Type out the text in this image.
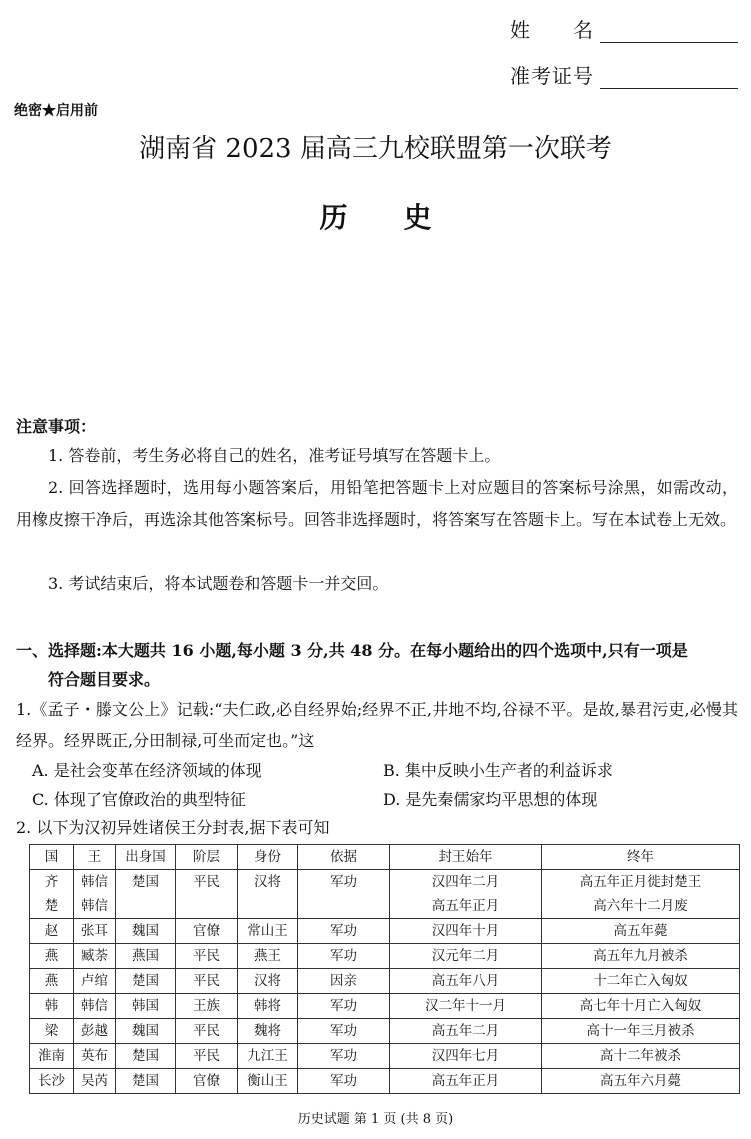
姓　　名
准考证号
绝密★启用前
湖南省 2023 届高三九校联盟第一次联考
历史
注意事项：
1. 答卷前，考生务必将自己的姓名，准考证号填写在答题卡上。
2. 回答选择题时，选用每小题答案后，用铅笔把答题卡上对应题目的答案标号涂黑，如需改动，用橡皮擦干净后，再选涂其他答案标号。回答非选择题时，将答案写在答题卡上。写在本试卷上无效。
3. 考试结束后，将本试题卷和答题卡一并交回。
一、选择题:本大题共 16 小题,每小题 3 分,共 48 分。在每小题给出的四个选项中,只有一项是
符合题目要求。
1.《孟子・滕文公上》记载:“夫仁政,必自经界始;经界不正,井地不均,谷禄不平。是故,暴君污吏,必慢其经界。经界既正,分田制禄,可坐而定也。”这
A. 是社会变革在经济领域的体现	B. 集中反映小生产者的利益诉求
C. 体现了官僚政治的典型特征	D. 是先秦儒家均平思想的体现
2. 以下为汉初异姓诸侯王分封表,据下表可知
国	王	出身国	阶层	身份	依据	封王始年	终年
齐	韩信	楚国	平民	汉将	军功	汉四年二月	高五年正月徙封楚王
楚	韩信					高五年正月	高六年十二月废
赵	张耳	魏国	官僚	常山王	军功	汉四年十月	高五年薨
燕	臧荼	燕国	平民	燕王	军功	汉元年二月	高五年九月被杀
燕	卢绾	楚国	平民	汉将	因亲	高五年八月	十二年亡入匈奴
韩	韩信	韩国	王族	韩将	军功	汉二年十一月	高七年十月亡入匈奴
梁	彭越	魏国	平民	魏将	军功	高五年二月	高十一年三月被杀
淮南	英布	楚国	平民	九江王	军功	汉四年七月	高十二年被杀
长沙	吴芮	楚国	官僚	衡山王	军功	高五年正月	高五年六月薨
历史试题 第 1 页 (共 8 页)
